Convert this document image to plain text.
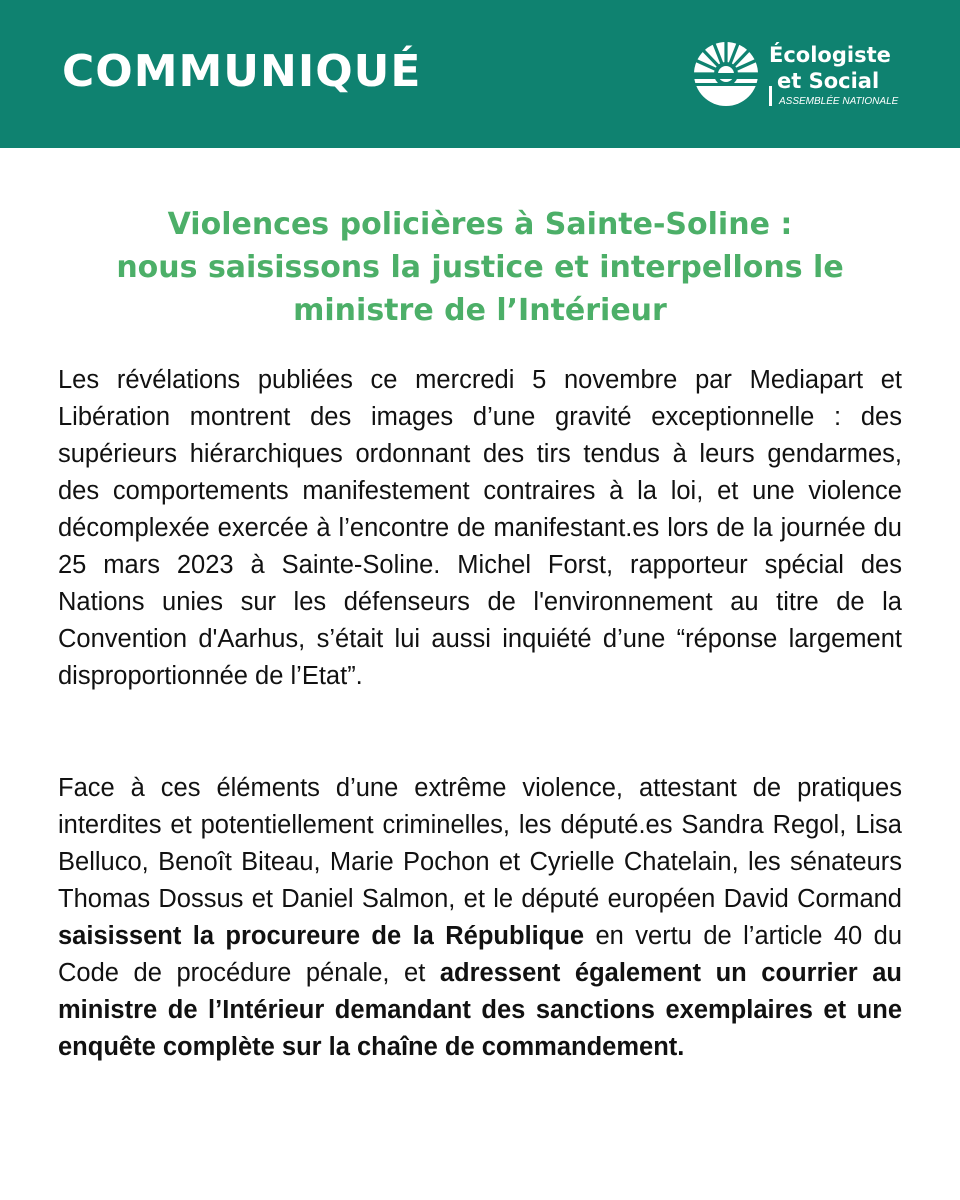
COMMUNIQUÉ	Écologiste
et Social
ASSEMBLÉE NATIONALE
Violences policières à Sainte-Soline :
nous saisissons la justice et interpellons le
ministre de l’Intérieur

Les révélations publiées ce mercredi 5 novembre par Mediapart et Libération montrent des images d’une gravité exceptionnelle : des supérieurs hiérarchiques ordonnant des tirs tendus à leurs gendarmes, des comportements manifestement contraires à la loi, et une violence décomplexée exercée à l’encontre de manifestant.es lors de la journée du 25 mars 2023 à Sainte-Soline. Michel Forst, rapporteur spécial des Nations unies sur les défenseurs de l'environnement au titre de la Convention d'Aarhus, s’était lui aussi inquiété d’une “réponse largement disproportionnée de l’Etat”.

Face à ces éléments d’une extrême violence, attestant de pratiques interdites et potentiellement criminelles, les député.es Sandra Regol, Lisa Belluco, Benoît Biteau, Marie Pochon et Cyrielle Chatelain, les sénateurs Thomas Dossus et Daniel Salmon, et le député européen David Cormand saisissent la procureure de la République en vertu de l’article 40 du Code de procédure pénale, et adressent également un courrier au ministre de l’Intérieur demandant des sanctions exemplaires et une enquête complète sur la chaîne de commandement.
